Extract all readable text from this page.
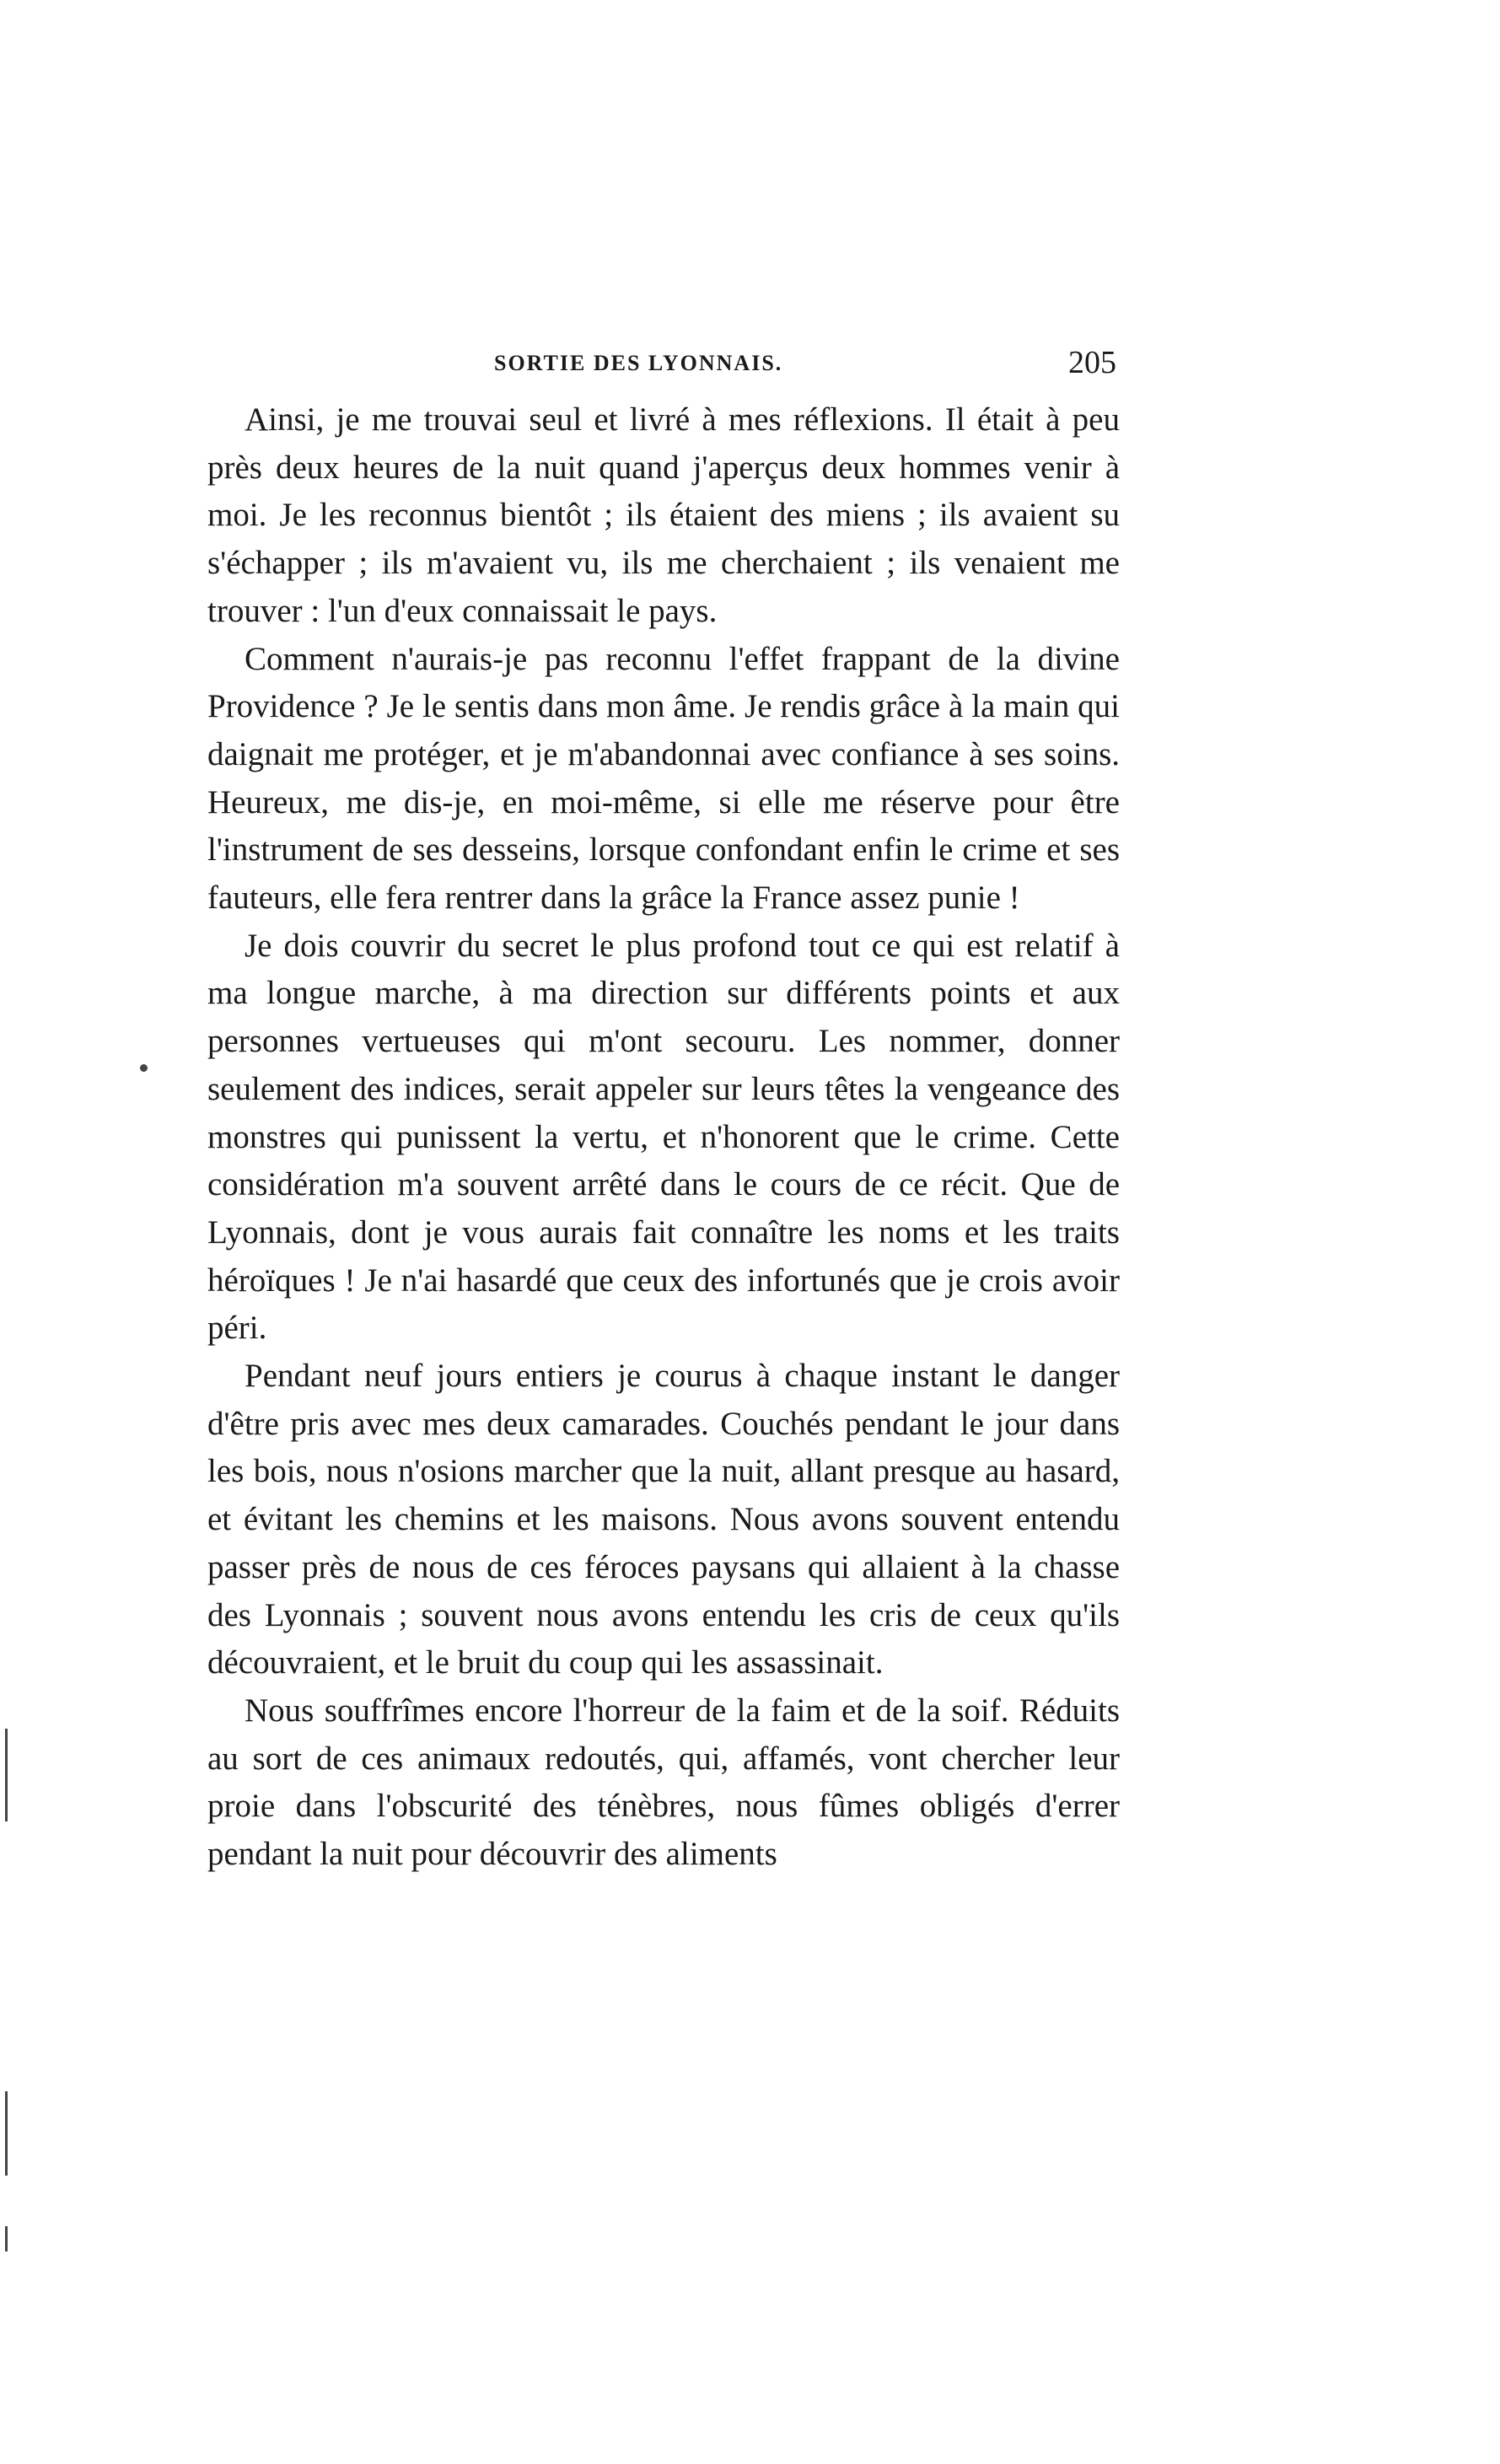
SORTIE DES LYONNAIS.	205

Ainsi, je me trouvai seul et livré à mes réflexions. Il était à peu près deux heures de la nuit quand j'aperçus deux hommes venir à moi. Je les reconnus bientôt ; ils étaient des miens ; ils avaient su s'échapper ; ils m'avaient vu, ils me cherchaient ; ils venaient me trouver : l'un d'eux connaissait le pays.

Comment n'aurais-je pas reconnu l'effet frappant de la divine Providence ? Je le sentis dans mon âme. Je rendis grâce à la main qui daignait me protéger, et je m'abandonnai avec confiance à ses soins. Heureux, me dis-je, en moi-même, si elle me réserve pour être l'instrument de ses desseins, lorsque confondant enfin le crime et ses fauteurs, elle fera rentrer dans la grâce la France assez punie !

Je dois couvrir du secret le plus profond tout ce qui est relatif à ma longue marche, à ma direction sur différents points et aux personnes vertueuses qui m'ont secouru. Les nommer, donner seulement des indices, serait appeler sur leurs têtes la vengeance des monstres qui punissent la vertu, et n'honorent que le crime. Cette considération m'a souvent arrêté dans le cours de ce récit. Que de Lyonnais, dont je vous aurais fait connaître les noms et les traits héroïques ! Je n'ai hasardé que ceux des infortunés que je crois avoir péri.

Pendant neuf jours entiers je courus à chaque instant le danger d'être pris avec mes deux camarades. Couchés pendant le jour dans les bois, nous n'osions marcher que la nuit, allant presque au hasard, et évitant les chemins et les maisons. Nous avons souvent entendu passer près de nous de ces féroces paysans qui allaient à la chasse des Lyonnais ; souvent nous avons entendu les cris de ceux qu'ils découvraient, et le bruit du coup qui les assassinait.

Nous souffrîmes encore l'horreur de la faim et de la soif. Réduits au sort de ces animaux redoutés, qui, affamés, vont chercher leur proie dans l'obscurité des ténèbres, nous fûmes obligés d'errer pendant la nuit pour découvrir des aliments
